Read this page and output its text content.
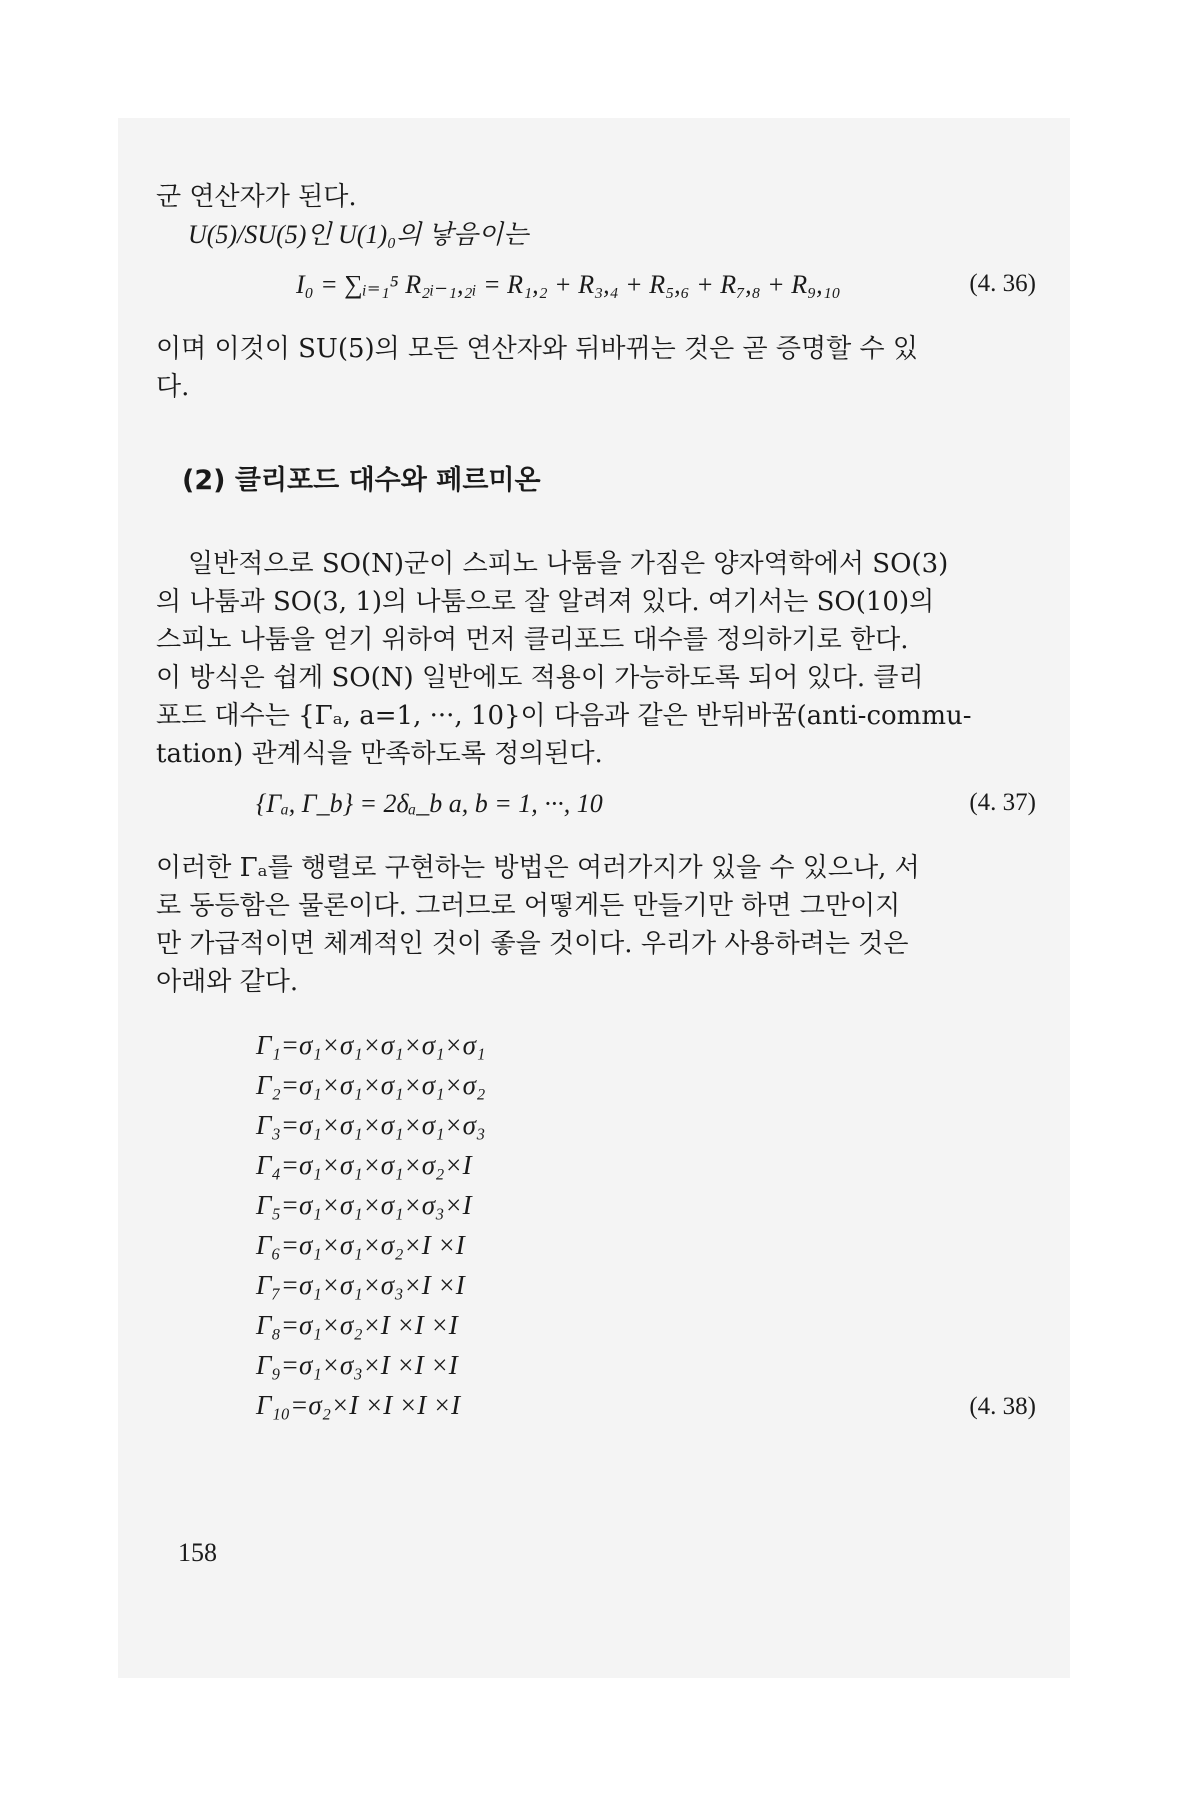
군 연산자가 된다.

U(5)/SU(5)인 U(1)₀의 낳음이는

I₀ = ∑ᵢ₌₁⁵ R₂ᵢ₋₁,₂ᵢ = R₁,₂ + R₃,₄ + R₅,₆ + R₇,₈ + R₉,₁₀	(4. 36)

이며 이것이 SU(5)의 모든 연산자와 뒤바뀌는 것은 곧 증명할 수 있

다.

(2) 클리포드 대수와 페르미온

일반적으로 SO(N)군이 스피노 나툼을 가짐은 양자역학에서 SO(3)

의 나툼과 SO(3, 1)의 나툼으로 잘 알려져 있다. 여기서는 SO(10)의

스피노 나툼을 얻기 위하여 먼저 클리포드 대수를 정의하기로 한다.

이 방식은 쉽게 SO(N) 일반에도 적용이 가능하도록 되어 있다. 클리

포드 대수는 {Γₐ, a=1, ···, 10}이 다음과 같은 반뒤바꿈(anti-commu-

tation) 관계식을 만족하도록 정의된다.

{Γₐ, Γ_b} = 2δₐ_b a, b = 1, ···, 10	(4. 37)

이러한 Γₐ를 행렬로 구현하는 방법은 여러가지가 있을 수 있으나, 서

로 동등함은 물론이다. 그러므로 어떻게든 만들기만 하면 그만이지

만 가급적이면 체계적인 것이 좋을 것이다. 우리가 사용하려는 것은

아래와 같다.

Γ₁=σ₁×σ₁×σ₁×σ₁×σ₁
Γ₂=σ₁×σ₁×σ₁×σ₁×σ₂
Γ₃=σ₁×σ₁×σ₁×σ₁×σ₃
Γ₄=σ₁×σ₁×σ₁×σ₂×I
Γ₅=σ₁×σ₁×σ₁×σ₃×I
Γ₆=σ₁×σ₁×σ₂×I ×I
Γ₇=σ₁×σ₁×σ₃×I ×I
Γ₈=σ₁×σ₂×I ×I ×I
Γ₉=σ₁×σ₃×I ×I ×I
Γ₁₀=σ₂×I ×I ×I ×I	(4. 38)
158
